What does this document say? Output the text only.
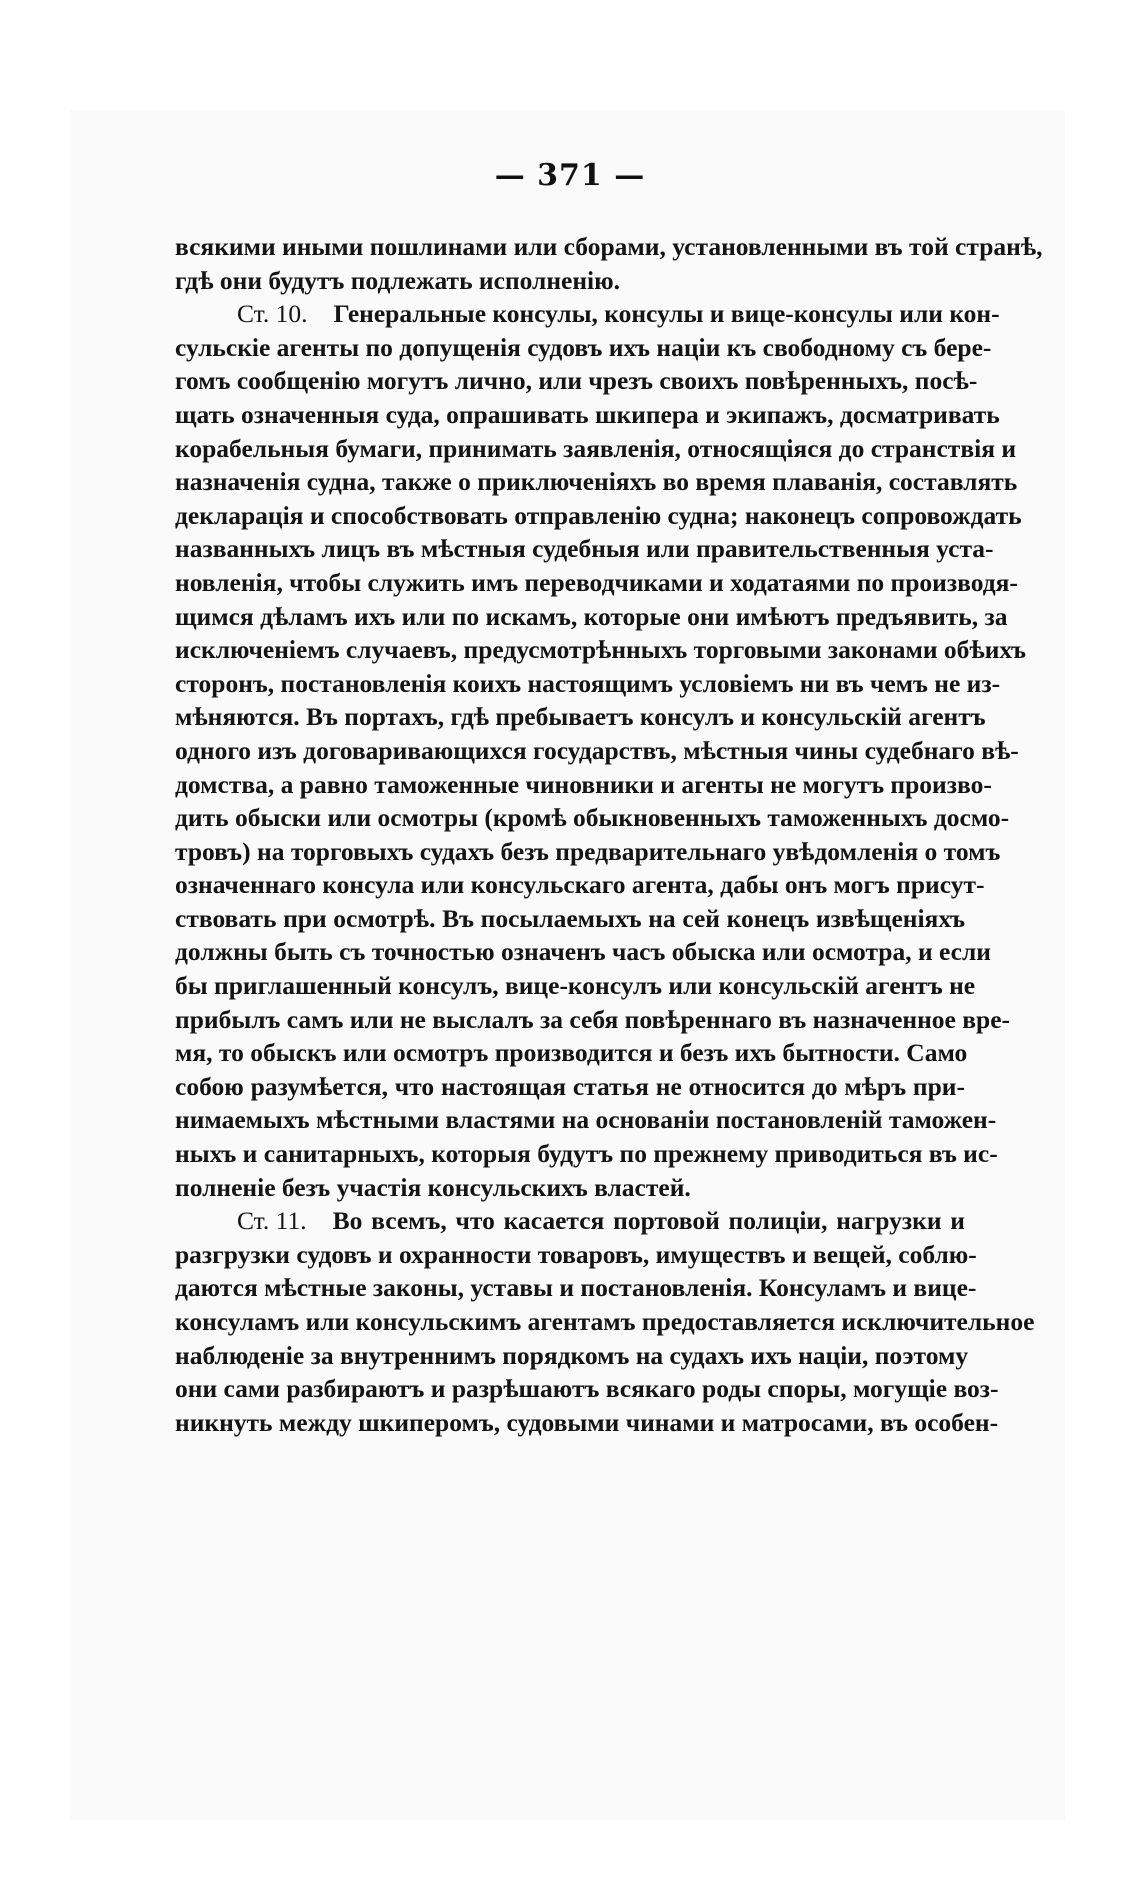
— 371 —

всякими иными пошлинами или сборами, установленными въ той странѣ,
гдѣ они будутъ подлежать исполненію.

Ст. 10. Генеральные консулы, консулы и вице-консулы или кон-
сульскіе агенты по допущенія судовъ ихъ націи къ свободному съ бере-
гомъ сообщенію могутъ лично, или чрезъ своихъ повѣренныхъ, посѣ-
щать означенныя суда, опрашивать шкипера и экипажъ, досматривать
корабельныя бумаги, принимать заявленія, относящіяся до странствія и
назначенія судна, также о приключеніяхъ во время плаванія, составлять
декларація и способствовать отправленію судна; наконецъ сопровождать
названныхъ лицъ въ мѣстныя судебныя или правительственныя уста-
новленія, чтобы служить имъ переводчиками и ходатаями по производя-
щимся дѣламъ ихъ или по искамъ, которые они имѣютъ предъявить, за
исключеніемъ случаевъ, предусмотрѣнныхъ торговыми законами обѣихъ
сторонъ, постановленія коихъ настоящимъ условіемъ ни въ чемъ не из-
мѣняются. Въ портахъ, гдѣ пребываетъ консулъ и консульскій агентъ
одного изъ договаривающихся государствъ, мѣстныя чины судебнаго вѣ-
домства, а равно таможенные чиновники и агенты не могутъ произво-
дить обыски или осмотры (кромѣ обыкновенныхъ таможенныхъ досмо-
тровъ) на торговыхъ судахъ безъ предварительнаго увѣдомленія о томъ
означеннаго консула или консульскаго агента, дабы онъ могъ присут-
ствовать при осмотрѣ. Въ посылаемыхъ на сей конецъ извѣщеніяхъ
должны быть съ точностью означенъ часъ обыска или осмотра, и если
бы приглашенный консулъ, вице-консулъ или консульскій агентъ не
прибылъ самъ или не выслалъ за себя повѣреннаго въ назначенное вре-
мя, то обыскъ или осмотръ производится и безъ ихъ бытности. Само
собою разумѣется, что настоящая статья не относится до мѣръ при-
нимаемыхъ мѣстными властями на основаніи постановленій таможен-
ныхъ и санитарныхъ, которыя будутъ по прежнему приводиться въ ис-
полненіе безъ участія консульскихъ властей.

Ст. 11. Во всемъ, что касается портовой полиціи, нагрузки и
разгрузки судовъ и охранности товаровъ, имуществъ и вещей, соблю-
даются мѣстные законы, уставы и постановленія. Консуламъ и вице-
консуламъ или консульскимъ агентамъ предоставляется исключительное
наблюденіе за внутреннимъ порядкомъ на судахъ ихъ націи, поэтому
они сами разбираютъ и разрѣшаютъ всякаго роды споры, могущіе воз-
никнуть между шкиперомъ, судовыми чинами и матросами, въ особен-
